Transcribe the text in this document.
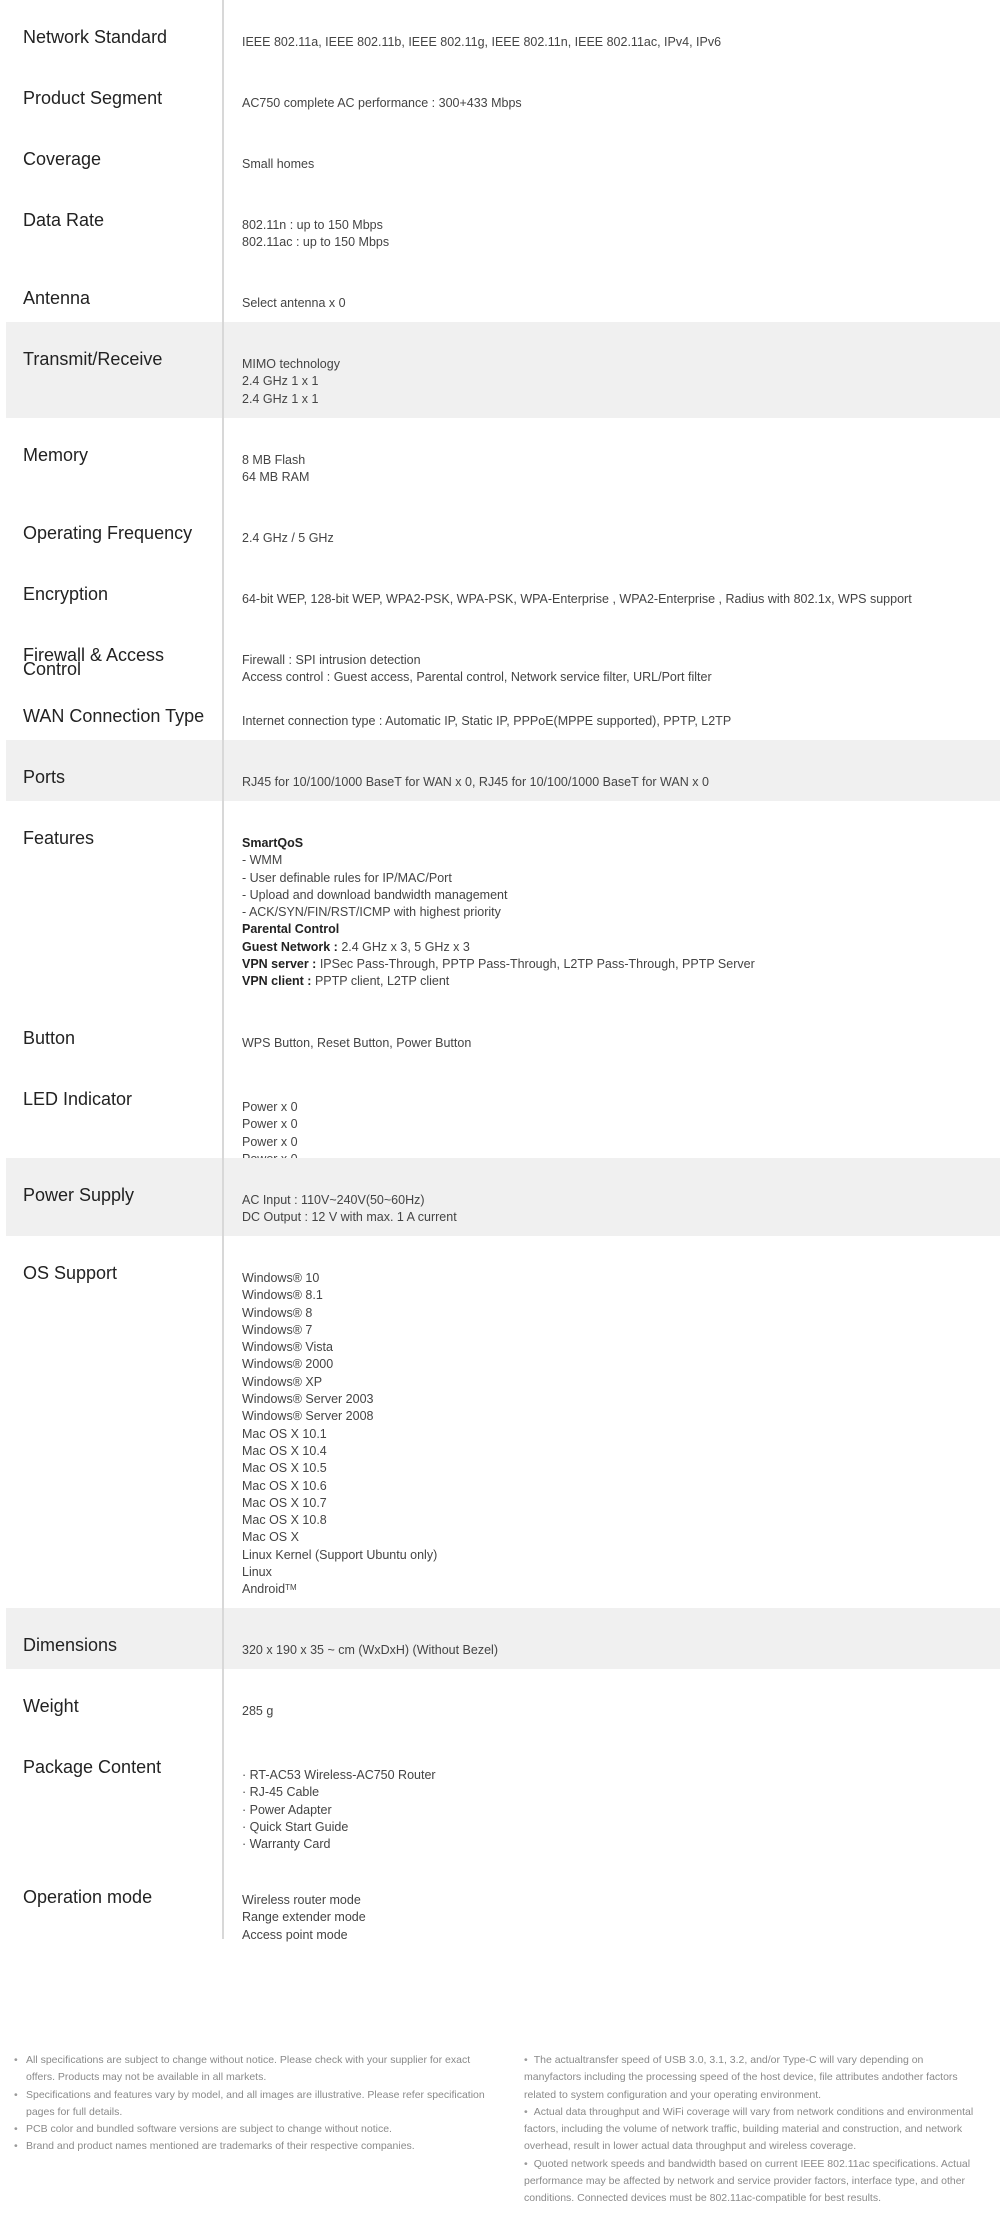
Network Standard	IEEE 802.11a, IEEE 802.11b, IEEE 802.11g, IEEE 802.11n, IEEE 802.11ac, IPv4, IPv6
Product Segment	AC750 complete AC performance : 300+433 Mbps
Coverage	Small homes
Data Rate	802.11n : up to 150 Mbps
802.11ac : up to 150 Mbps
Antenna	Select antenna x 0
Transmit/Receive	MIMO technology
2.4 GHz 1 x 1
2.4 GHz 1 x 1
Memory	8 MB Flash
64 MB RAM
Operating Frequency	2.4 GHz / 5 GHz
Encryption	64-bit WEP, 128-bit WEP, WPA2-PSK, WPA-PSK, WPA-Enterprise , WPA2-Enterprise , Radius with 802.1x, WPS support
Firewall & Access Control	Firewall : SPI intrusion detection
Access control : Guest access, Parental control, Network service filter, URL/Port filter
WAN Connection Type	Internet connection type : Automatic IP, Static IP, PPPoE(MPPE supported), PPTP, L2TP
Ports	RJ45 for 10/100/1000 BaseT for WAN x 0, RJ45 for 10/100/1000 BaseT for WAN x 0
Features	SmartQoS
- WMM
- User definable rules for IP/MAC/Port
- Upload and download bandwidth management
- ACK/SYN/FIN/RST/ICMP with highest priority
Parental Control
Guest Network : 2.4 GHz x 3, 5 GHz x 3
VPN server : IPSec Pass-Through, PPTP Pass-Through, L2TP Pass-Through, PPTP Server
VPN client : PPTP client, L2TP client
Button	WPS Button, Reset Button, Power Button
LED Indicator	Power x 0
Power x 0
Power x 0
Power Supply	AC Input : 110V~240V(50~60Hz)
DC Output : 12 V with max. 1 A current
OS Support	Windows® 10
Windows® 8.1
Windows® 8
Windows® 7
Windows® Vista
Windows® 2000
Windows® XP
Windows® Server 2003
Windows® Server 2008
Mac OS X 10.1
Mac OS X 10.4
Mac OS X 10.5
Mac OS X 10.6
Mac OS X 10.7
Mac OS X 10.8
Mac OS X
Linux Kernel (Support Ubuntu only)
Linux
Android™
Dimensions	320 x 190 x 35 ~ cm (WxDxH) (Without Bezel)
Weight	285 g
Package Content	· RT-AC53 Wireless-AC750 Router
· RJ-45 Cable
· Power Adapter
· Quick Start Guide
· Warranty Card
Operation mode	Wireless router mode
Range extender mode
Access point mode
• All specifications are subject to change without notice. Please check with your supplier for exact offers. Products may not be available in all markets.
• Specifications and features vary by model, and all images are illustrative. Please refer specification pages for full details.
• PCB color and bundled software versions are subject to change without notice.
• Brand and product names mentioned are trademarks of their respective companies.
• The actualtransfer speed of USB 3.0, 3.1, 3.2, and/or Type-C will vary depending on manyfactors including the processing speed of the host device, file attributes andother factors related to system configuration and your operating environment.
• Actual data throughput and WiFi coverage will vary from network conditions and environmental factors, including the volume of network traffic, building material and construction, and network overhead, result in lower actual data throughput and wireless coverage.
• Quoted network speeds and bandwidth based on current IEEE 802.11ac specifications. Actual performance may be affected by network and service provider factors, interface type, and other conditions. Connected devices must be 802.11ac-compatible for best results.
